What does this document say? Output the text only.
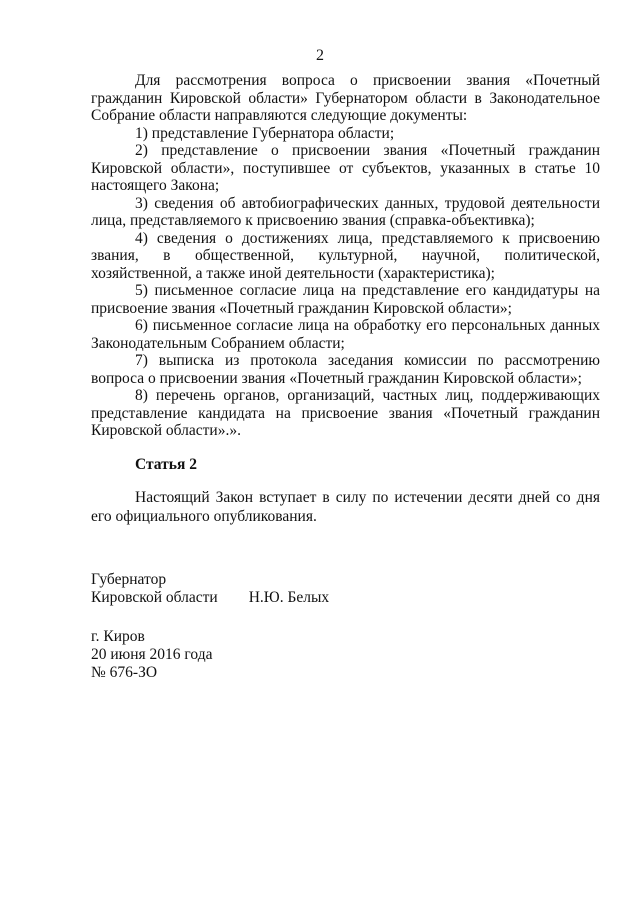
2

Для рассмотрения вопроса о присвоении звания «Почетный гражданин Кировской области» Губернатором области в Законодательное Собрание области направляются следующие документы:

1) представление Губернатора области;

2) представление о присвоении звания «Почетный гражданин Кировской области», поступившее от субъектов, указанных в статье 10 настоящего Закона;

3) сведения об автобиографических данных, трудовой деятельности лица, представляемого к присвоению звания (справка-объективка);

4) сведения о достижениях лица, представляемого к присвоению звания, в общественной, культурной, научной, политической, хозяйственной, а также иной деятельности (характеристика);

5) письменное согласие лица на представление его кандидатуры на присвоение звания «Почетный гражданин Кировской области»;

6) письменное согласие лица на обработку его персональных данных Законодательным Собранием области;

7) выписка из протокола заседания комиссии по рассмотрению вопроса о присвоении звания «Почетный гражданин Кировской области»;

8) перечень органов, организаций, частных лиц, поддерживающих представление кандидата на присвоение звания «Почетный гражданин Кировской области».».

Статья 2

Настоящий Закон вступает в силу по истечении десяти дней со дня его официального опубликования.

Губернатор
Кировской области Н.Ю. Белых
г. Киров
20 июня 2016 года
№ 676-ЗО
